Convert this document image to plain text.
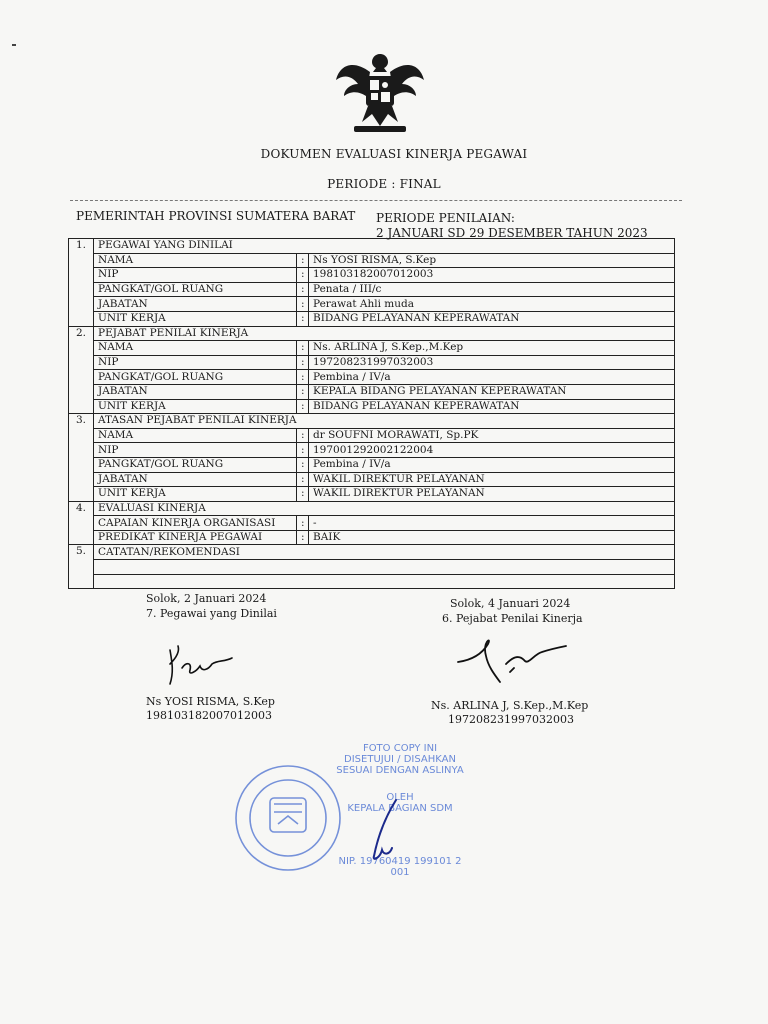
DOKUMEN EVALUASI KINERJA PEGAWAI
PERIODE : FINAL
PEMERINTAH PROVINSI SUMATERA BARAT PERIODE PENILAIAN:
2 JANUARI SD 29 DESEMBER TAHUN 2023
1.	PEGAWAI YANG DINILAI		
	NAMA	:	Ns YOSI RISMA, S.Kep
	NIP	:	198103182007012003
	PANGKAT/GOL RUANG	:	Penata / III/c
	JABATAN	:	Perawat Ahli muda
	UNIT KERJA	:	BIDANG PELAYANAN KEPERAWATAN
2.	PEJABAT PENILAI KINERJA		
	NAMA	:	Ns. ARLINA J, S.Kep.,M.Kep
	NIP	:	197208231997032003
	PANGKAT/GOL RUANG	:	Pembina / IV/a
	JABATAN	:	KEPALA BIDANG PELAYANAN KEPERAWATAN
	UNIT KERJA	:	BIDANG PELAYANAN KEPERAWATAN
3.	ATASAN PEJABAT PENILAI KINERJA		
	NAMA	:	dr SOUFNI MORAWATI, Sp.PK
	NIP	:	197001292002122004
	PANGKAT/GOL RUANG	:	Pembina / IV/a
	JABATAN	:	WAKIL DIREKTUR PELAYANAN
	UNIT KERJA	:	WAKIL DIREKTUR PELAYANAN
4.	EVALUASI KINERJA		
	CAPAIAN KINERJA ORGANISASI	:	-
	PREDIKAT KINERJA PEGAWAI	:	BAIK
5.	CATATAN/REKOMENDASI		

Solok, 2 Januari 2024
7. Pegawai yang Dinilai
Ns YOSI RISMA, S.Kep
198103182007012003
Solok, 4 Januari 2024
6. Pejabat Penilai Kinerja
Ns. ARLINA J, S.Kep.,M.Kep
197208231997032003
FOTO COPY INI
DISETUJUI / DISAHKAN
SESUAI DENGAN ASLINYA
OLEH
KEPALA BAGIAN SDM
NIP. 19760419 199101 2 001
